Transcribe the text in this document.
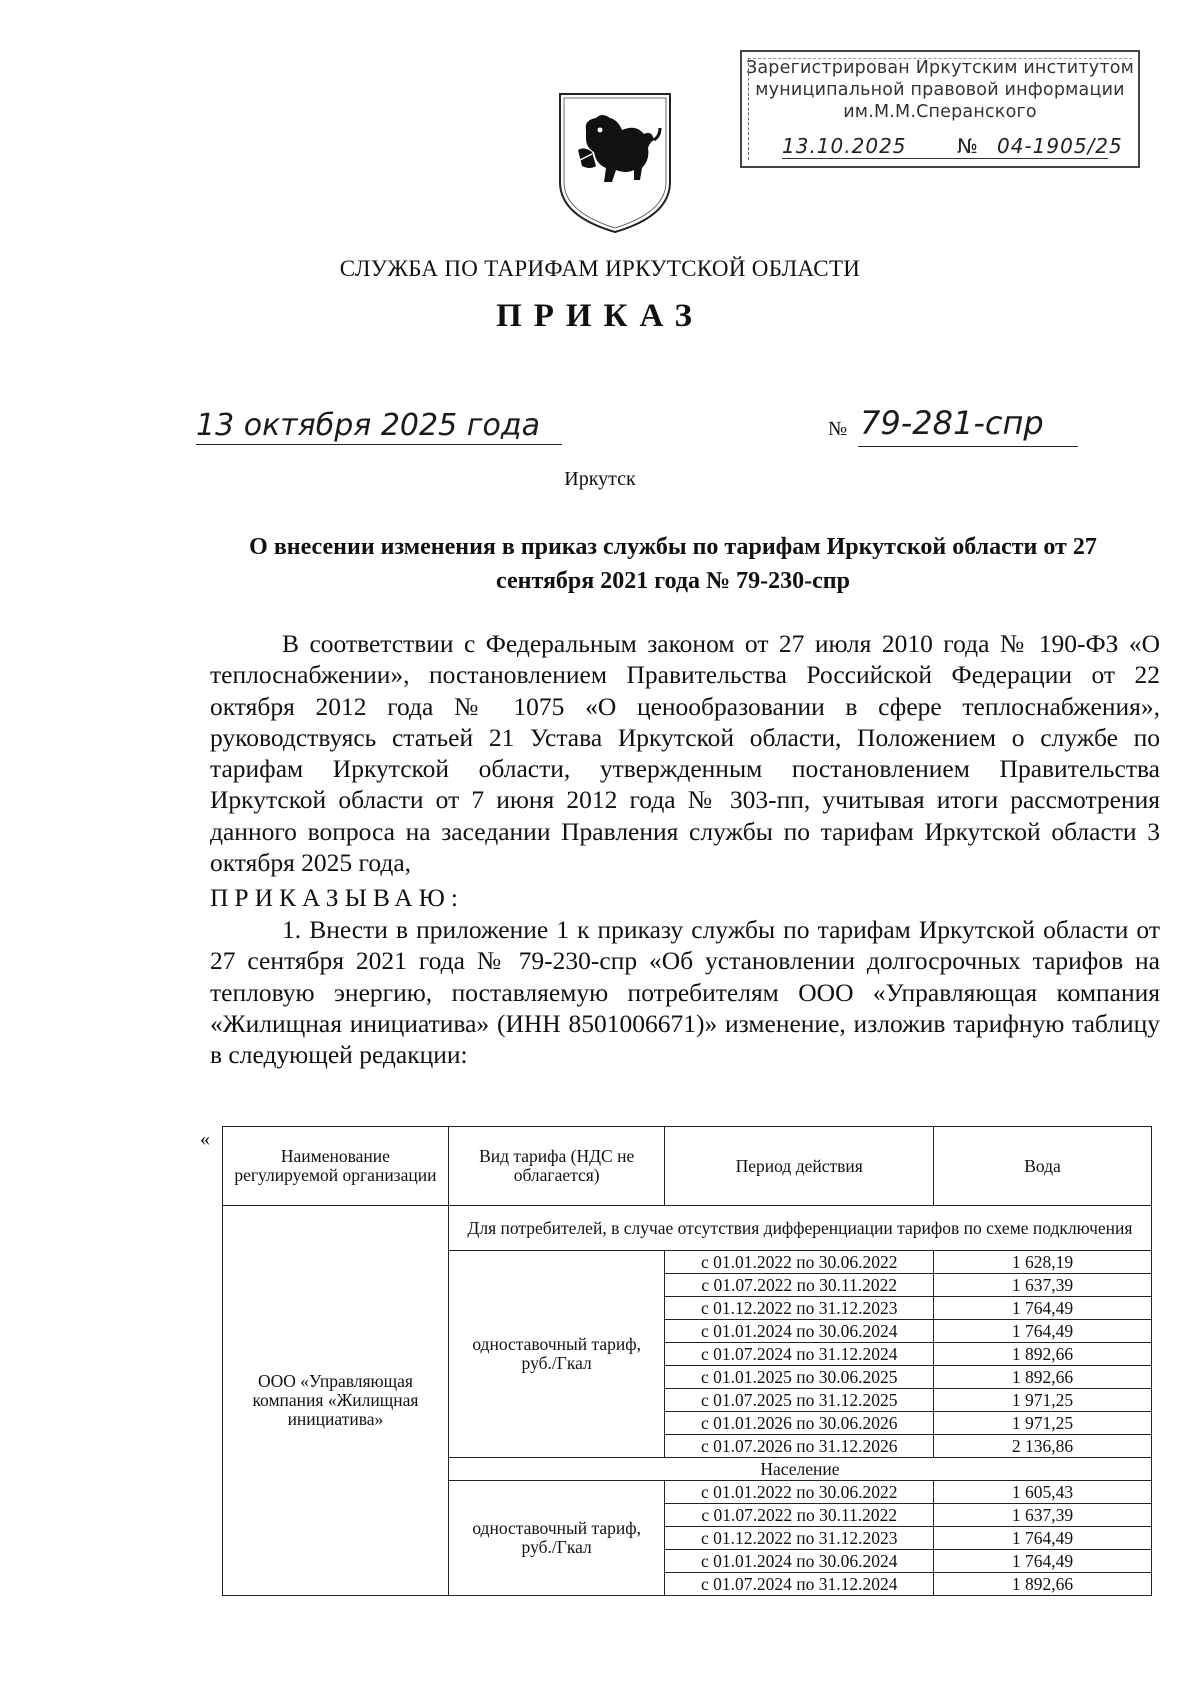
Зарегистрирован Иркутским институтом
муниципальной правовой информации
им.М.М.Сперанского
13.10.2025	№ 04-1905/25
СЛУЖБА ПО ТАРИФАМ ИРКУТСКОЙ ОБЛАСТИ
ПРИКАЗ
13 октября 2025 года	№ 79-281-спр
Иркутск
О внесении изменения в приказ службы по тарифам Иркутской области от 27 сентября 2021 года № 79-230-спр
В соответствии с Федеральным законом от 27 июля 2010 года № 190-ФЗ «О теплоснабжении», постановлением Правительства Российской Федерации от 22 октября 2012 года № 1075 «О ценообразовании в сфере теплоснабжения», руководствуясь статьей 21 Устава Иркутской области, Положением о службе по тарифам Иркутской области, утвержденным постановлением Правительства Иркутской области от 7 июня 2012 года № 303-пп, учитывая итоги рассмотрения данного вопроса на заседании Правления службы по тарифам Иркутской области 3 октября 2025 года,
ПРИКАЗЫВАЮ:
1. Внести в приложение 1 к приказу службы по тарифам Иркутской области от 27 сентября 2021 года № 79-230-спр «Об установлении долгосрочных тарифов на тепловую энергию, поставляемую потребителям ООО «Управляющая компания «Жилищная инициатива» (ИНН 8501006671)» изменение, изложив тарифную таблицу в следующей редакции:
«
Наименование регулируемой организации	Вид тарифа (НДС не облагается)	Период действия	Вода
ООО «Управляющая компания «Жилищная инициатива»	Для потребителей, в случае отсутствия дифференциации тарифов по схеме подключения		
	одноставочный тариф, руб./Гкал	с 01.01.2022 по 30.06.2022	1 628,19
		с 01.07.2022 по 30.11.2022	1 637,39
		с 01.12.2022 по 31.12.2023	1 764,49
		с 01.01.2024 по 30.06.2024	1 764,49
		с 01.07.2024 по 31.12.2024	1 892,66
		с 01.01.2025 по 30.06.2025	1 892,66
		с 01.07.2025 по 31.12.2025	1 971,25
		с 01.01.2026 по 30.06.2026	1 971,25
		с 01.07.2026 по 31.12.2026	2 136,86
	Население		
	одноставочный тариф, руб./Гкал	с 01.01.2022 по 30.06.2022	1 605,43
		с 01.07.2022 по 30.11.2022	1 637,39
		с 01.12.2022 по 31.12.2023	1 764,49
		с 01.01.2024 по 30.06.2024	1 764,49
		с 01.07.2024 по 31.12.2024	1 892,66
